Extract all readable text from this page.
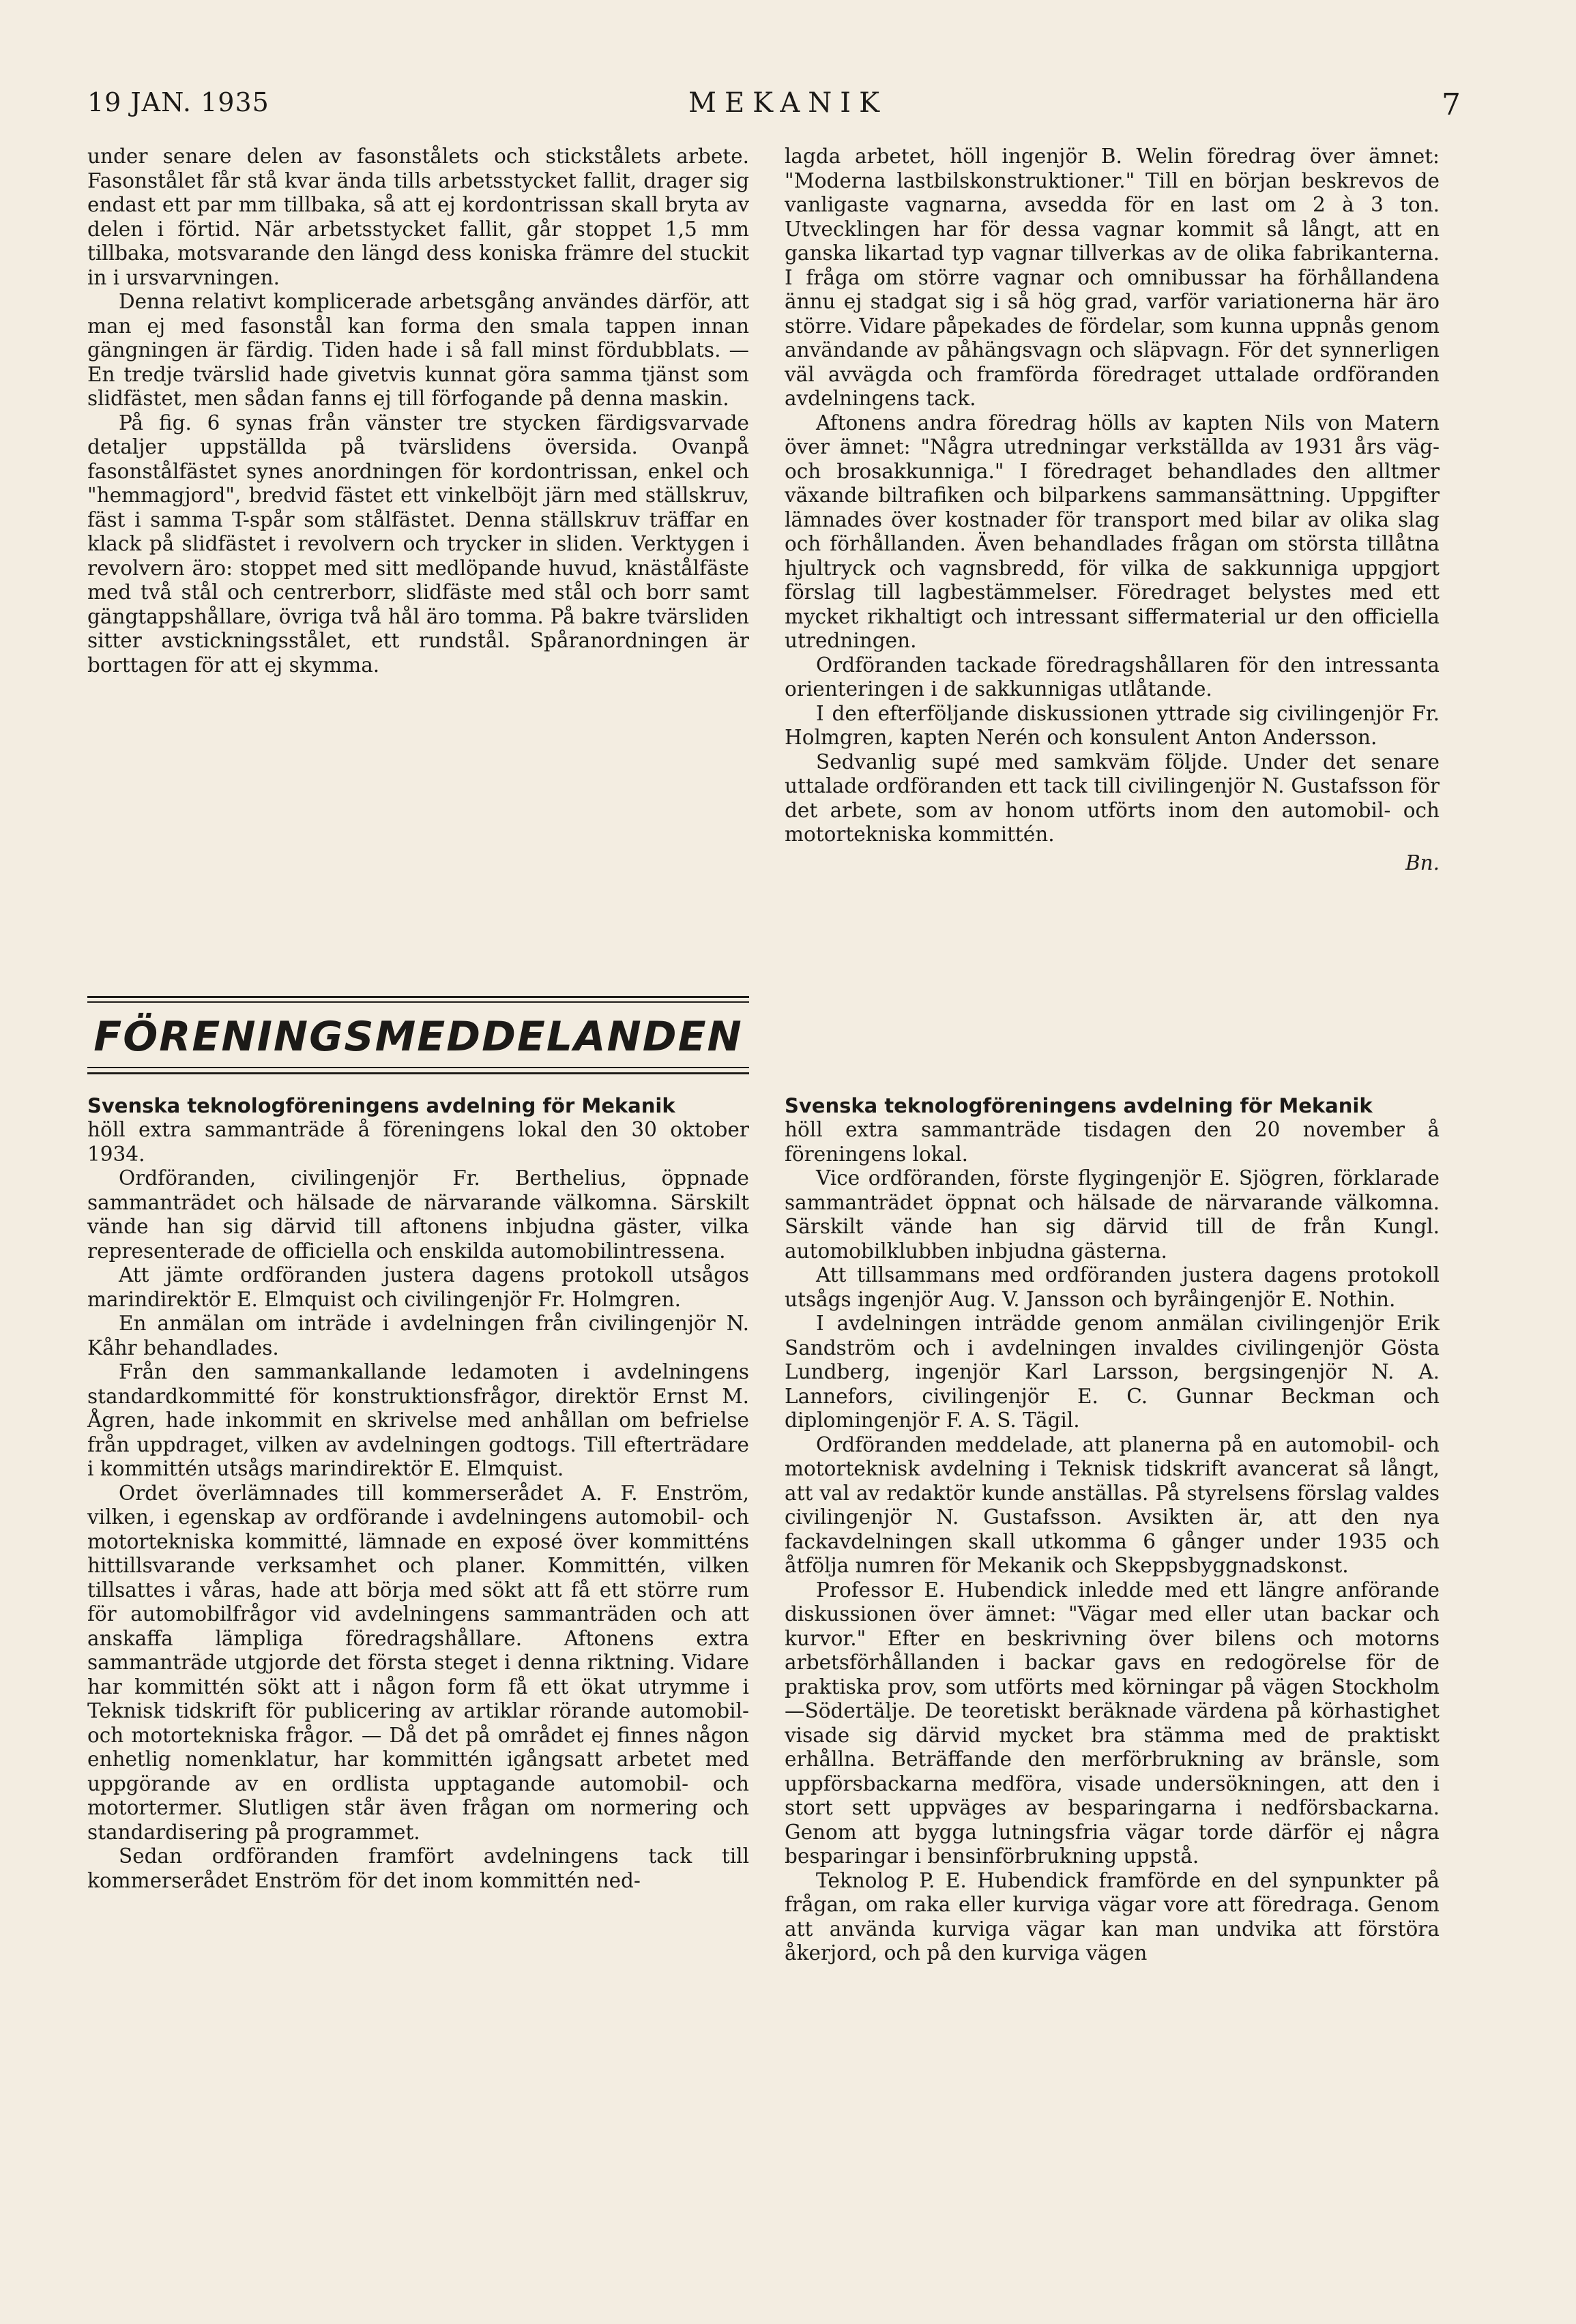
19 JAN. 1935	MEKANIK	7

under senare delen av fasonstålets och stickstålets arbete. Fasonstålet får stå kvar ända tills arbetsstycket fallit, drager sig endast ett par mm tillbaka, så att ej kordontrissan skall bryta av delen i förtid. När arbetsstycket fallit, går stoppet 1,5 mm tillbaka, motsvarande den längd dess koniska främre del stuckit in i ursvarvningen.

Denna relativt komplicerade arbetsgång användes därför, att man ej med fasonstål kan forma den smala tappen innan gängningen är färdig. Tiden hade i så fall minst fördubblats. — En tredje tvärslid hade givetvis kunnat göra samma tjänst som slidfästet, men sådan fanns ej till förfogande på denna maskin.

På fig. 6 synas från vänster tre stycken färdigsvarvade detaljer uppställda på tvärslidens översida. Ovanpå fasonstålfästet synes anordningen för kordontrissan, enkel och "hemmagjord", bredvid fästet ett vinkelböjt järn med ställskruv, fäst i samma T-spår som stålfästet. Denna ställskruv träffar en klack på slidfästet i revolvern och trycker in sliden. Verktygen i revolvern äro: stoppet med sitt medlöpande huvud, knästålfäste med två stål och centrerborr, slidfäste med stål och borr samt gängtappshållare, övriga två hål äro tomma. På bakre tvärsliden sitter avstickningsstålet, ett rundstål. Spåranordningen är borttagen för att ej skymma.

lagda arbetet, höll ingenjör B. Welin föredrag över ämnet: "Moderna lastbilskonstruktioner." Till en början beskrevos de vanligaste vagnarna, avsedda för en last om 2 à 3 ton. Utvecklingen har för dessa vagnar kommit så långt, att en ganska likartad typ vagnar tillverkas av de olika fabrikanterna. I fråga om större vagnar och omnibussar ha förhållandena ännu ej stadgat sig i så hög grad, varför variationerna här äro större. Vidare påpekades de fördelar, som kunna uppnås genom användande av påhängsvagn och släpvagn. För det synnerligen väl avvägda och framförda föredraget uttalade ordföranden avdelningens tack.

Aftonens andra föredrag hölls av kapten Nils von Matern över ämnet: "Några utredningar verkställda av 1931 års väg- och brosakkunniga." I föredraget behandlades den alltmer växande biltrafiken och bilparkens sammansättning. Uppgifter lämnades över kostnader för transport med bilar av olika slag och förhållanden. Även behandlades frågan om största tillåtna hjultryck och vagnsbredd, för vilka de sakkunniga uppgjort förslag till lagbestämmelser. Föredraget belystes med ett mycket rikhaltigt och intressant siffermaterial ur den officiella utredningen.

Ordföranden tackade föredragshållaren för den intressanta orienteringen i de sakkunnigas utlåtande.

I den efterföljande diskussionen yttrade sig civilingenjör Fr. Holmgren, kapten Nerén och konsulent Anton Andersson.

Sedvanlig supé med samkväm följde. Under det senare uttalade ordföranden ett tack till civilingenjör N. Gustafsson för det arbete, som av honom utförts inom den automobil- och motortekniska kommittén.

Bn.

FÖRENINGSMEDDELANDEN
Svenska teknologföreningens avdelning för Mekanik

höll extra sammanträde å föreningens lokal den 30 oktober 1934.

Ordföranden, civilingenjör Fr. Berthelius, öppnade sammanträdet och hälsade de närvarande välkomna. Särskilt vände han sig därvid till aftonens inbjudna gäster, vilka representerade de officiella och enskilda automobilintressena.

Att jämte ordföranden justera dagens protokoll utsågos marindirektör E. Elmquist och civilingenjör Fr. Holmgren.

En anmälan om inträde i avdelningen från civilingenjör N. Kåhr behandlades.

Från den sammankallande ledamoten i avdelningens standardkommitté för konstruktionsfrågor, direktör Ernst M. Ågren, hade inkommit en skrivelse med anhållan om befrielse från uppdraget, vilken av avdelningen godtogs. Till efterträdare i kommittén utsågs marindirektör E. Elmquist.

Ordet överlämnades till kommerserådet A. F. Enström, vilken, i egenskap av ordförande i avdelningens automobil- och motortekniska kommitté, lämnade en exposé över kommitténs hittillsvarande verksamhet och planer. Kommittén, vilken tillsattes i våras, hade att börja med sökt att få ett större rum för automobilfrågor vid avdelningens sammanträden och att anskaffa lämpliga föredragshållare. Aftonens extra sammanträde utgjorde det första steget i denna riktning. Vidare har kommittén sökt att i någon form få ett ökat utrymme i Teknisk tidskrift för publicering av artiklar rörande automobil- och motortekniska frågor. — Då det på området ej finnes någon enhetlig nomenklatur, har kommittén igångsatt arbetet med uppgörande av en ordlista upptagande automobil- och motortermer. Slutligen står även frågan om normering och standardisering på programmet.

Sedan ordföranden framfört avdelningens tack till kommerserådet Enström för det inom kommittén ned-

Svenska teknologföreningens avdelning för Mekanik

höll extra sammanträde tisdagen den 20 november å föreningens lokal.

Vice ordföranden, förste flygingenjör E. Sjögren, förklarade sammanträdet öppnat och hälsade de närvarande välkomna. Särskilt vände han sig därvid till de från Kungl. automobilklubben inbjudna gästerna.

Att tillsammans med ordföranden justera dagens protokoll utsågs ingenjör Aug. V. Jansson och byråingenjör E. Nothin.

I avdelningen inträdde genom anmälan civilingenjör Erik Sandström och i avdelningen invaldes civilingenjör Gösta Lundberg, ingenjör Karl Larsson, bergsingenjör N. A. Lannefors, civilingenjör E. C. Gunnar Beckman och diplomingenjör F. A. S. Tägil.

Ordföranden meddelade, att planerna på en automobil- och motorteknisk avdelning i Teknisk tidskrift avancerat så långt, att val av redaktör kunde anställas. På styrelsens förslag valdes civilingenjör N. Gustafsson. Avsikten är, att den nya fackavdelningen skall utkomma 6 gånger under 1935 och åtfölja numren för Mekanik och Skeppsbyggnadskonst.

Professor E. Hubendick inledde med ett längre anförande diskussionen över ämnet: "Vägar med eller utan backar och kurvor." Efter en beskrivning över bilens och motorns arbetsförhållanden i backar gavs en redogörelse för de praktiska prov, som utförts med körningar på vägen Stockholm—Södertälje. De teoretiskt beräknade värdena på körhastighet visade sig därvid mycket bra stämma med de praktiskt erhållna. Beträffande den merförbrukning av bränsle, som uppförsbackarna medföra, visade undersökningen, att den i stort sett uppväges av besparingarna i nedförsbackarna. Genom att bygga lutningsfria vägar torde därför ej några besparingar i bensinförbrukning uppstå.

Teknolog P. E. Hubendick framförde en del synpunkter på frågan, om raka eller kurviga vägar vore att föredraga. Genom att använda kurviga vägar kan man undvika att förstöra åkerjord, och på den kurviga vägen
